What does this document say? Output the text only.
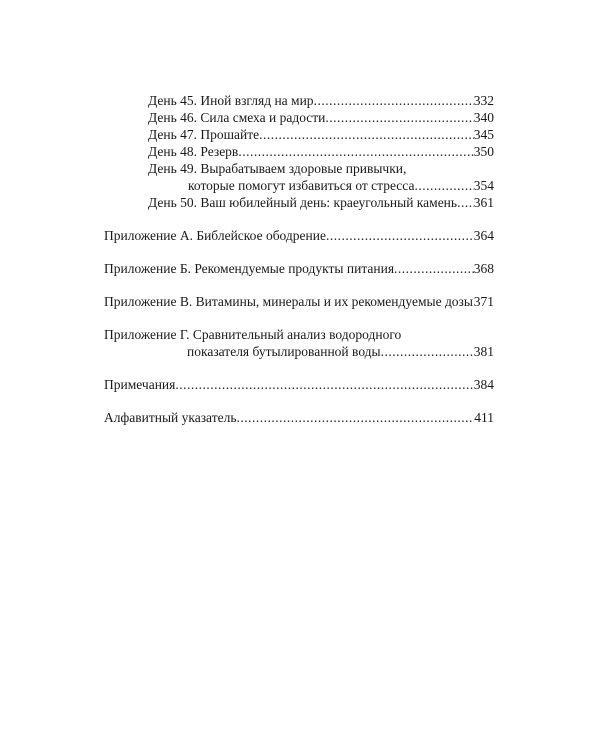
День 45. Иной взгляд на мир .....	332
День 46. Сила смеха и радости .....	340
День 47. Прошайте .....	345
День 48. Резерв .....	350
День 49. Вырабатываем здоровые привычки,
которые помогут избавиться от стресса .....	354
День 50. Ваш юбилейный день: краеугольный камень ..... 361
Приложение А. Библейское ободрение .....	364
Приложение Б. Рекомендуемые продукты питания .....	368
Приложение В. Витамины, минералы и их рекомендуемые дозы ..... 371
Приложение Г. Сравнительный анализ водородного
показателя бутылированной воды .....	381
Примечания .....	384
Алфавитный указатель .....	411
